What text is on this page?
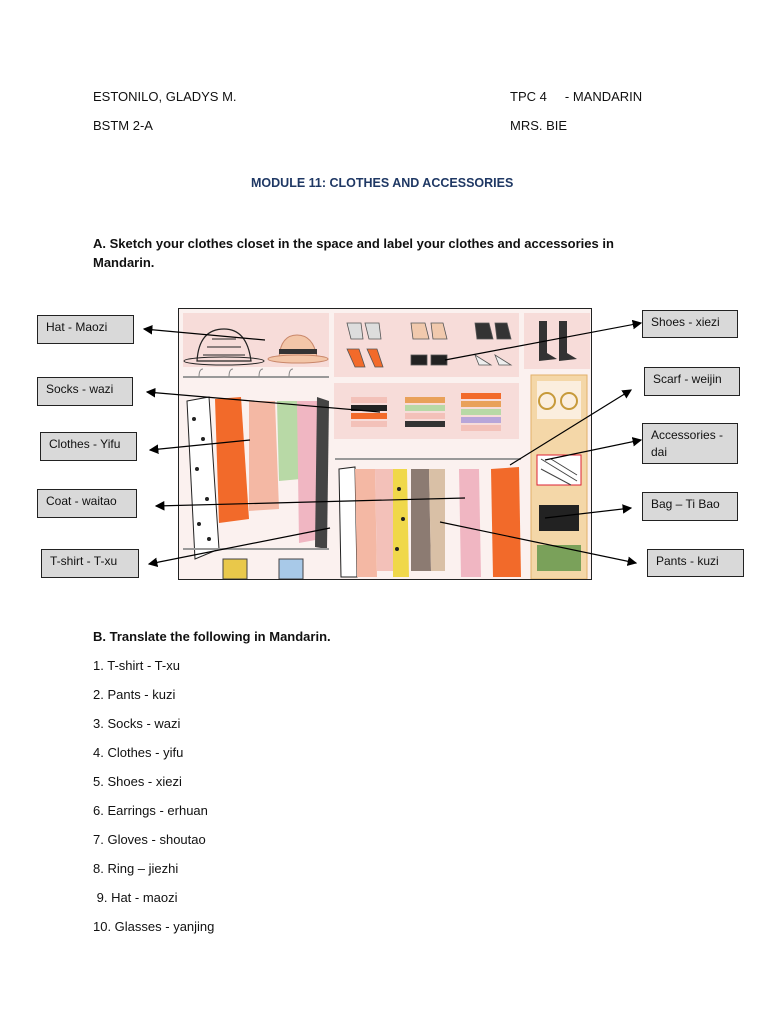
ESTONILO, GLADYS M.
BSTM 2-A
TPC 4     - MANDARIN
MRS. BIE
MODULE 11: CLOTHES AND ACCESSORIES
A. Sketch your clothes closet in the space and label your clothes and accessories in Mandarin.
Hat - Maozi
Socks - wazi
Clothes - Yifu
Coat - waitao
T-shirt - T-xu
Shoes - xiezi
Scarf - weijin
Accessories - dai
Bag – Ti Bao
Pants - kuzi
B. Translate the following in Mandarin.
1. T-shirt - T-xu
2. Pants - kuzi
3. Socks - wazi
4. Clothes - yifu
5. Shoes - xiezi
6. Earrings - erhuan
7. Gloves - shoutao
8. Ring – jiezhi
9. Hat - maozi
10. Glasses - yanjing
